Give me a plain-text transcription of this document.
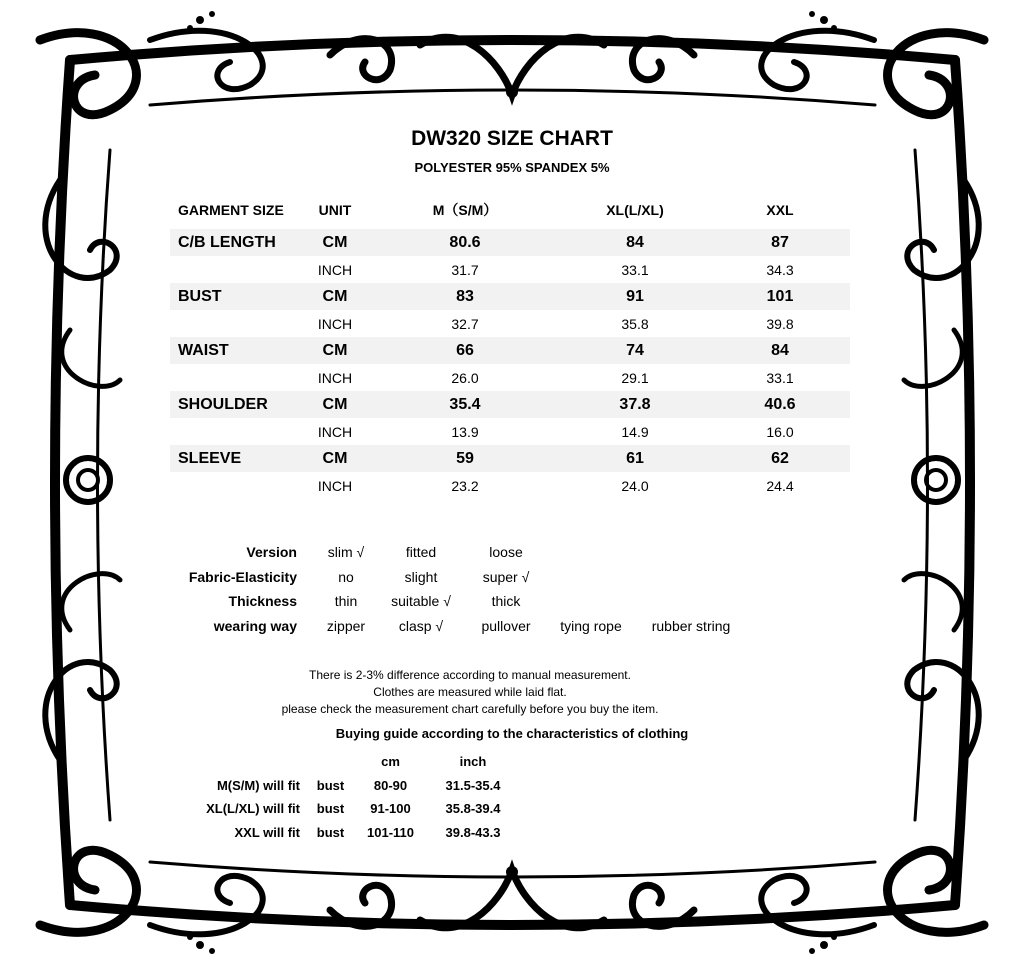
DW320 SIZE CHART
POLYESTER 95% SPANDEX 5%
GARMENT SIZE	UNIT	M（S/M）	XL(L/XL)	XXL

C/B LENGTH	CM	80.6	84	87
	INCH	31.7	33.1	34.3
BUST	CM	83	91	101
	INCH	32.7	35.8	39.8
WAIST	CM	66	74	84
	INCH	26.0	29.1	33.1
SHOULDER	CM	35.4	37.8	40.6
	INCH	13.9	14.9	16.0
SLEEVE	CM	59	61	62
	INCH	23.2	24.0	24.4
Version	slim √	fitted	loose		
Fabric-Elasticity	no	slight	super √		
Thickness	thin	suitable √	thick		
wearing way	zipper	clasp √	pullover	tying rope	rubber string
There is 2-3% difference according to manual measurement.
Clothes are measured while laid flat.
please check the measurement chart carefully before you buy the item.
Buying guide according to the characteristics of clothing
		cm	inch
M(S/M) will fit	bust	80-90	31.5-35.4
XL(L/XL) will fit	bust	91-100	35.8-39.4
XXL will fit	bust	101-110	39.8-43.3
